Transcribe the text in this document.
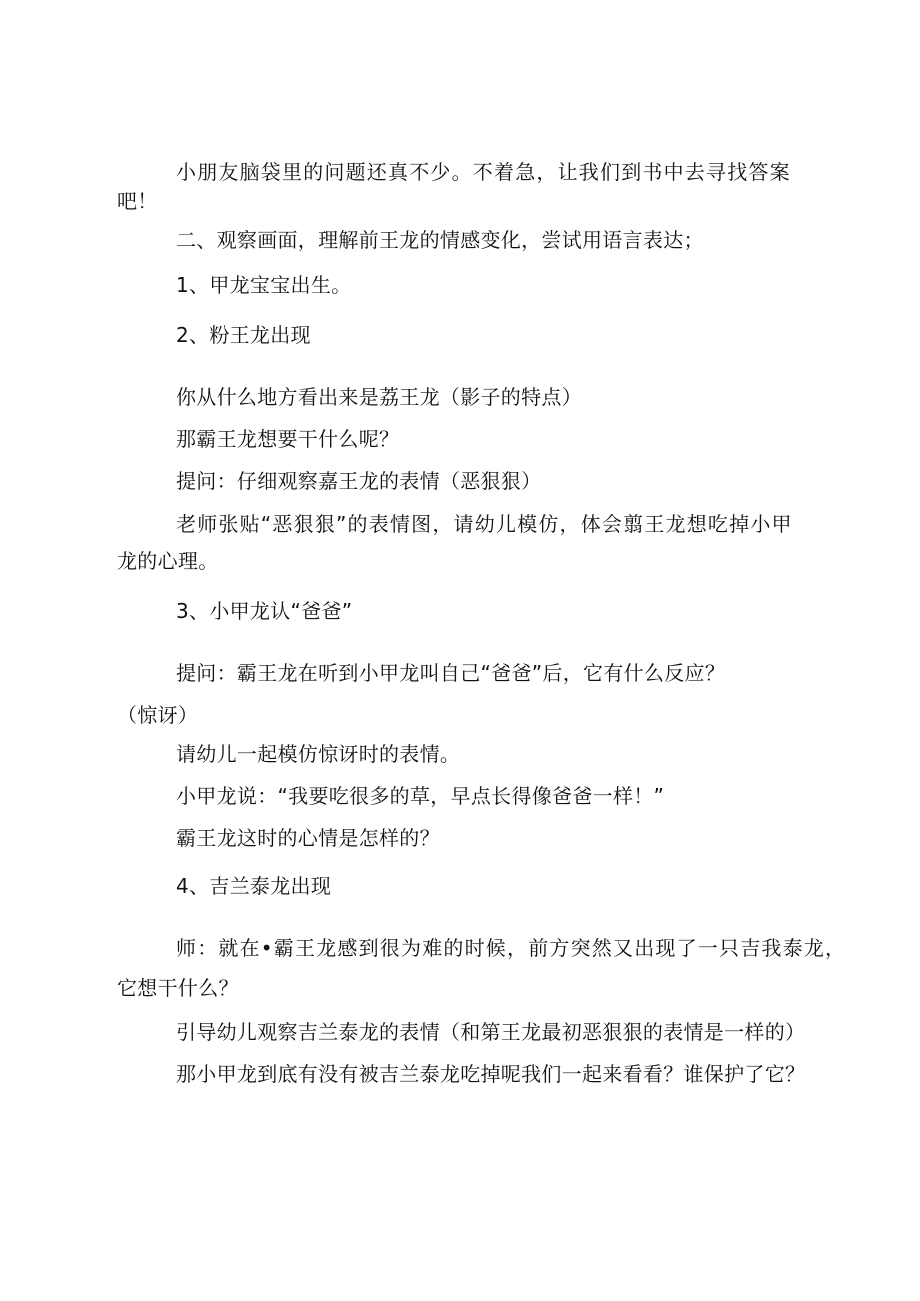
小朋友脑袋里的问题还真不少。不着急，让我们到书中去寻找答案
吧！
二、观察画面，理解前王龙的情感变化，尝试用语言表达；
1、甲龙宝宝出生。
2、粉王龙出现
你从什么地方看出来是荔王龙（影子的特点）
那霸王龙想要干什么呢？
提问：仔细观察嘉王龙的表情（恶狠狠）
老师张贴“恶狠狠”的表情图，请幼儿模仿，体会翦王龙想吃掉小甲
龙的心理。
3、小甲龙认“爸爸”
提问：霸王龙在听到小甲龙叫自己“爸爸”后，它有什么反应？
（惊讶）
请幼儿一起模仿惊讶时的表情。
小甲龙说：“我要吃很多的草，早点长得像爸爸一样！”
霸王龙这时的心情是怎样的？
4、吉兰泰龙出现
师：就在•霸王龙感到很为难的时候，前方突然又出现了一只吉我泰龙，
它想干什么？
引导幼儿观察吉兰泰龙的表情（和第王龙最初恶狠狠的表情是一样的）
那小甲龙到底有没有被吉兰泰龙吃掉呢我们一起来看看？谁保护了它？
